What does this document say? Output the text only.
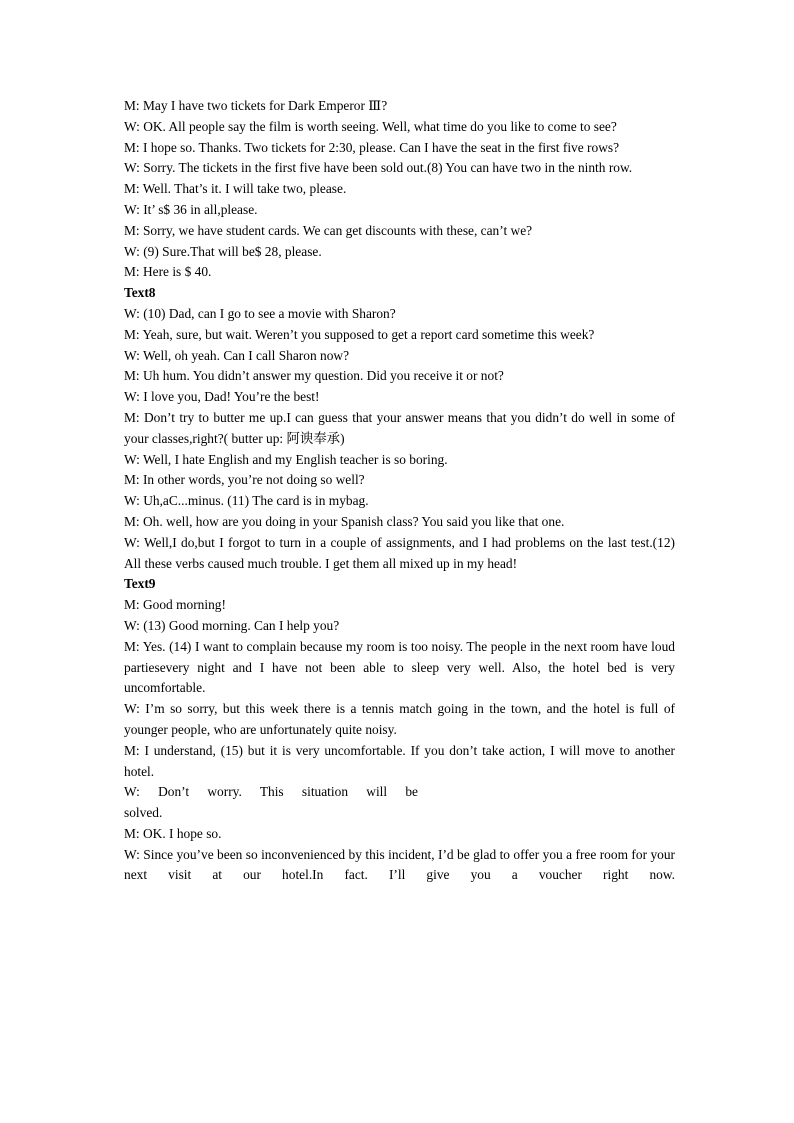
M: May I have two tickets for Dark Emperor Ⅲ?

W: OK. All people say the film is worth seeing. Well, what time do you like to come to see?

M: I hope so. Thanks. Two tickets for 2:30, please. Can I have the seat in the first five rows?

W: Sorry. The tickets in the first five have been sold out.(8) You can have two in the ninth row.

M: Well. That’s it. I will take two, please.

W: It’ s$ 36 in all,please.

M: Sorry, we have student cards. We can get discounts with these, can’t we?

W: (9) Sure.That will be$ 28, please.

M: Here is $ 40.

Text8

W: (10) Dad, can I go to see a movie with Sharon?

M: Yeah, sure, but wait. Weren’t you supposed to get a report card sometime this week?

W: Well, oh yeah. Can I call Sharon now?

M: Uh hum. You didn’t answer my question. Did you receive it or not?

W: I love you, Dad! You’re the best!

M: Don’t try to butter me up.I can guess that your answer means that you didn’t do well in some of your classes,right?( butter up: 阿谀奉承)

W: Well, I hate English and my English teacher is so boring.

M: In other words, you’re not doing so well?

W: Uh,aC...minus. (11) The card is in mybag.

M: Oh. well, how are you doing in your Spanish class? You said you like that one.

W: Well,I do,but I forgot to turn in a couple of assignments, and I had problems on the last test.(12) All these verbs caused much trouble. I get them all mixed up in my head!

Text9

M: Good morning!

W: (13) Good morning. Can I help you?

M: Yes. (14) I want to complain because my room is too noisy. The people in the next room have loud partiesevery night and I have not been able to sleep very well. Also, the hotel bed is very uncomfortable.

W: I’m so sorry, but this week there is a tennis match going in the town, and the hotel is full of younger people, who are unfortunately quite noisy.

M: I understand, (15) but it is very uncomfortable. If you don’t take action, I will move to another hotel.

W: Don’t worry. This situation will be

solved.

M: OK. I hope so.

W: Since you’ve been so inconvenienced by this incident, I’d be glad to offer you a free room for your next visit at our hotel.In fact. I’ll give you a voucher right now.
